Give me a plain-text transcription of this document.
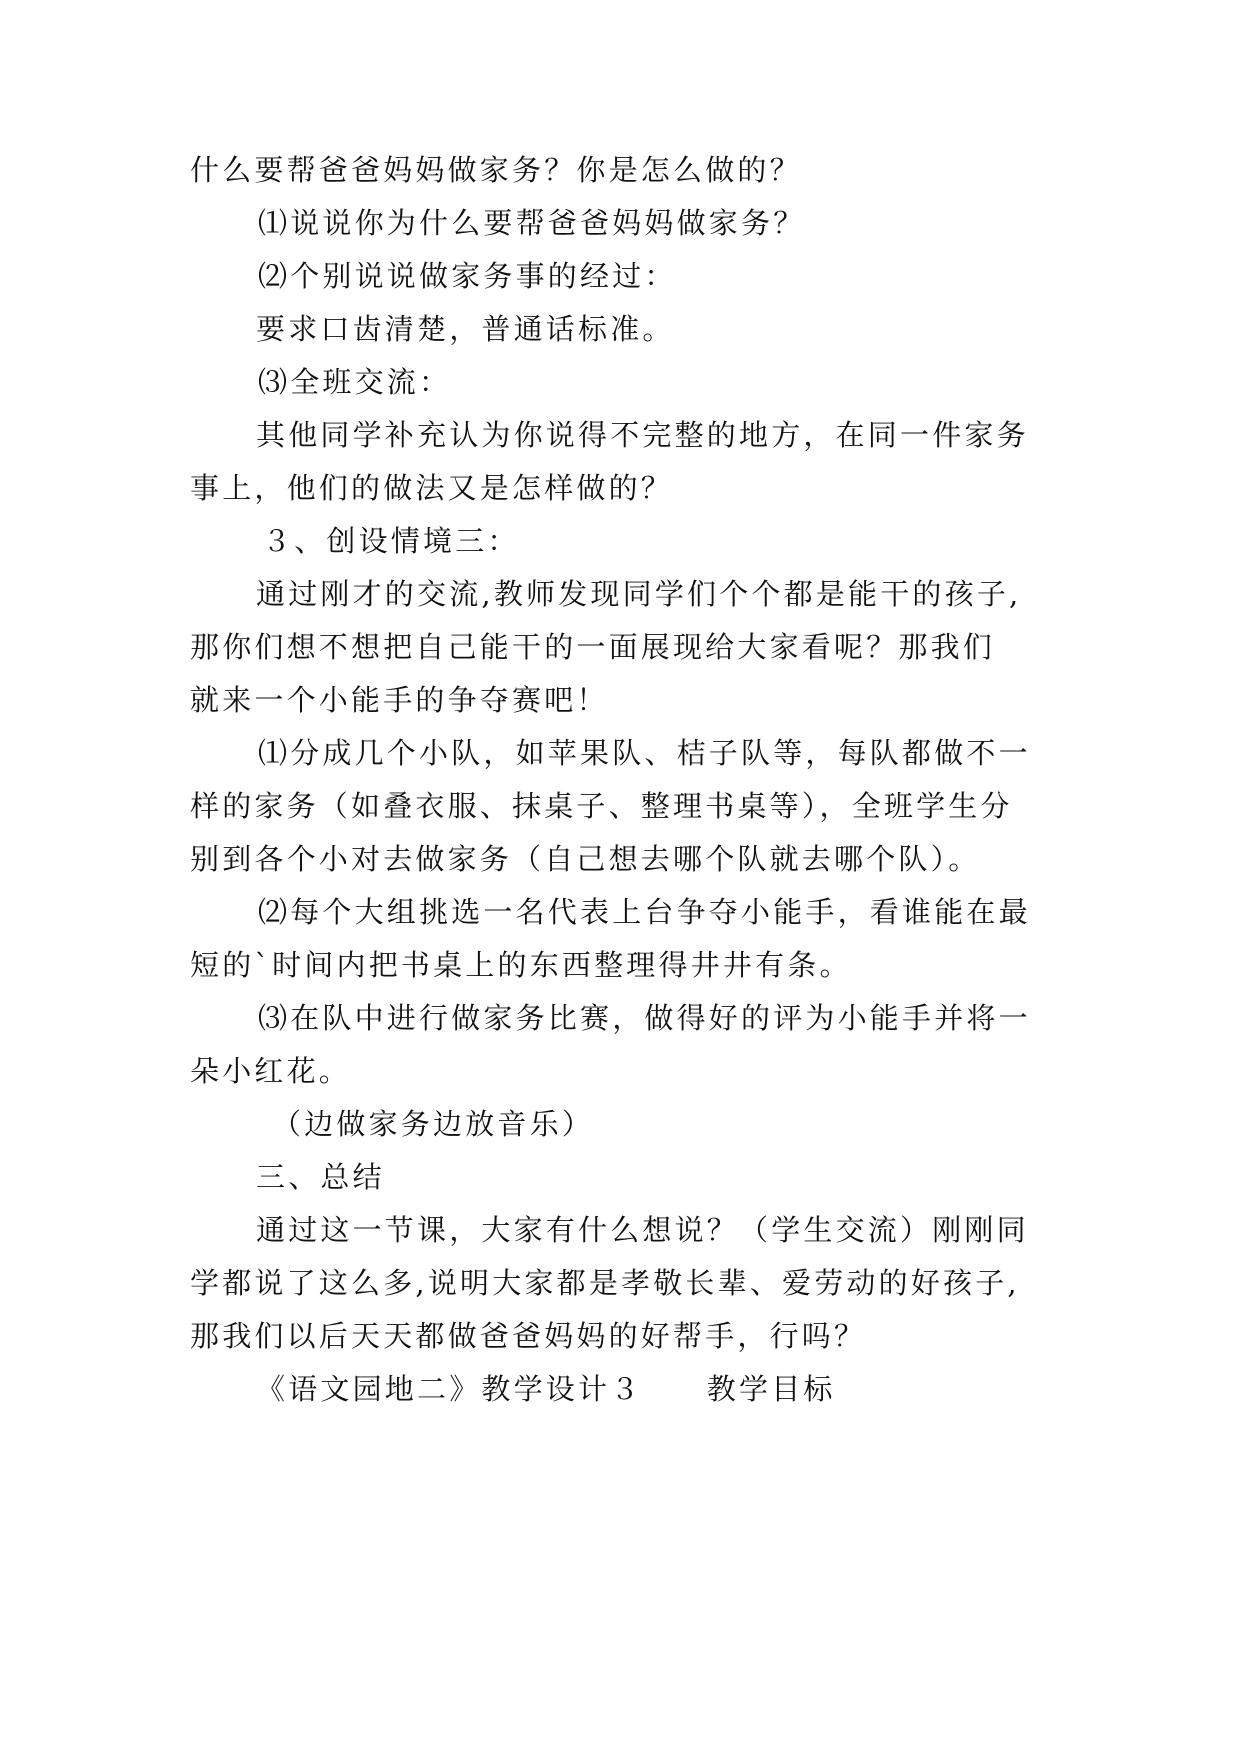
什么要帮爸爸妈妈做家务？你是怎么做的？
⑴说说你为什么要帮爸爸妈妈做家务？
⑵个别说说做家务事的经过：
要求口齿清楚，普通话标准。
⑶全班交流：
其他同学补充认为你说得不完整的地方，在同一件家务
事上，他们的做法又是怎样做的？
３、创设情境三：
通过刚才的交流,教师发现同学们个个都是能干的孩子,
那你们想不想把自己能干的一面展现给大家看呢？那我们
就来一个小能手的争夺赛吧！
⑴分成几个小队，如苹果队、桔子队等，每队都做不一
样的家务（如叠衣服、抹桌子、整理书桌等），全班学生分
别到各个小对去做家务（自己想去哪个队就去哪个队）。
⑵每个大组挑选一名代表上台争夺小能手，看谁能在最
短的`时间内把书桌上的东西整理得井井有条。
⑶在队中进行做家务比赛，做得好的评为小能手并将一
朵小红花。
（边做家务边放音乐）
三、总结
通过这一节课，大家有什么想说？（学生交流）刚刚同
学都说了这么多,说明大家都是孝敬长辈、爱劳动的好孩子,
那我们以后天天都做爸爸妈妈的好帮手，行吗？
《语文园地二》教学设计３　　教学目标
